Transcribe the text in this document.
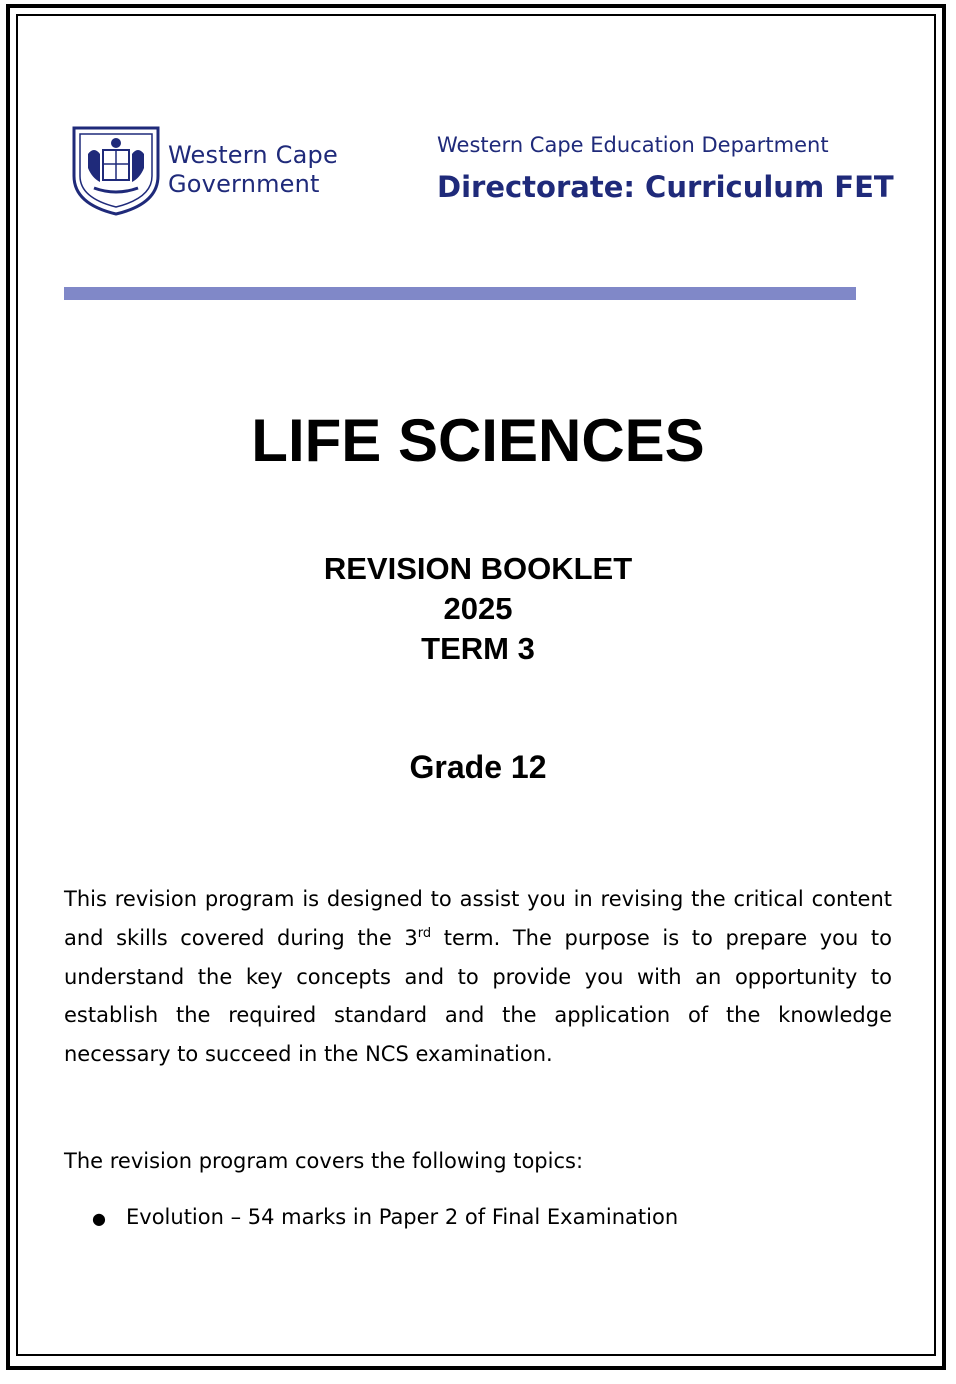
Western Cape
Government
Western Cape Education Department
Directorate: Curriculum FET
LIFE SCIENCES
REVISION BOOKLET
2025
TERM 3
Grade 12

This revision program is designed to assist you in revising the critical content and skills covered during the 3rd term. The purpose is to prepare you to understand the key concepts and to provide you with an opportunity to establish the required standard and the application of the knowledge necessary to succeed in the NCS examination.

The revision program covers the following topics:
● Evolution – 54 marks in Paper 2 of Final Examination
